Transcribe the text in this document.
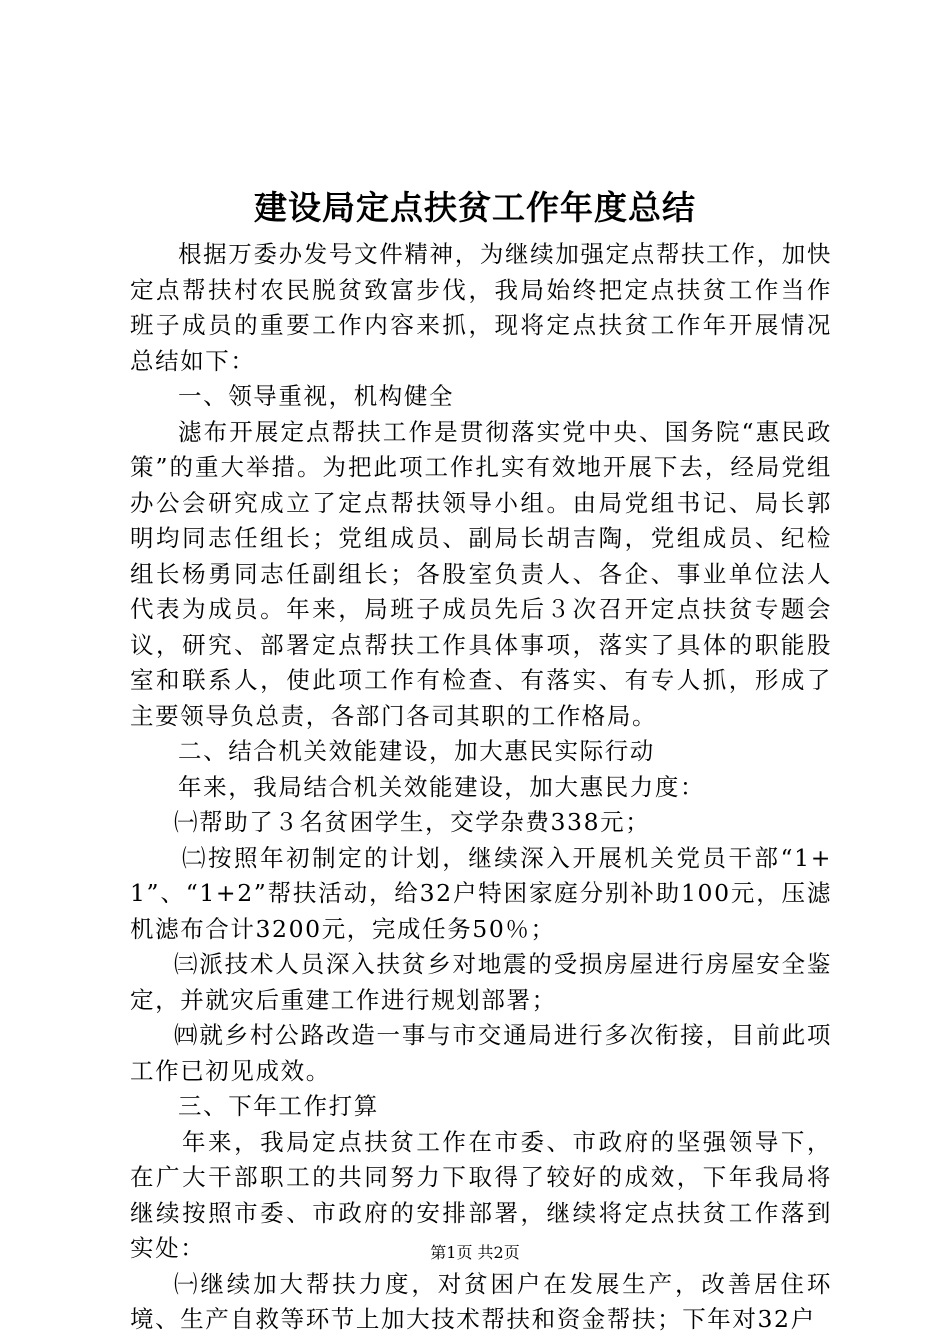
建设局定点扶贫工作年度总结

根据万委办发号文件精神，为继续加强定点帮扶工作，加快定点帮扶村农民脱贫致富步伐，我局始终把定点扶贫工作当作班子成员的重要工作内容来抓，现将定点扶贫工作年开展情况总结如下：

一、领导重视，机构健全

滤布开展定点帮扶工作是贯彻落实党中央、国务院“惠民政策”的重大举措。为把此项工作扎实有效地开展下去，经局党组办公会研究成立了定点帮扶领导小组。由局党组书记、局长郭明均同志任组长；党组成员、副局长胡吉陶，党组成员、纪检组长杨勇同志任副组长；各股室负责人、各企、事业单位法人代表为成员。年来，局班子成员先后３次召开定点扶贫专题会议，研究、部署定点帮扶工作具体事项，落实了具体的职能股室和联系人，使此项工作有检查、有落实、有专人抓，形成了主要领导负总责，各部门各司其职的工作格局。

二、结合机关效能建设，加大惠民实际行动

年来，我局结合机关效能建设，加大惠民力度：

㈠帮助了３名贫困学生，交学杂费338元；

㈡按照年初制定的计划，继续深入开展机关党员干部“1+1”、“1+2”帮扶活动，给32户特困家庭分别补助100元，压滤机滤布合计3200元，完成任务50％；

㈢派技术人员深入扶贫乡对地震的受损房屋进行房屋安全鉴定，并就灾后重建工作进行规划部署；

㈣就乡村公路改造一事与市交通局进行多次衔接，目前此项工作已初见成效。

三、下年工作打算

年来，我局定点扶贫工作在市委、市政府的坚强领导下，在广大干部职工的共同努力下取得了较好的成效，下年我局将继续按照市委、市政府的安排部署，继续将定点扶贫工作落到实处：

㈠继续加大帮扶力度，对贫困户在发展生产，改善居住环境、生产自救等环节上加大技术帮扶和资金帮扶；下年对32户

第1页 共2页
